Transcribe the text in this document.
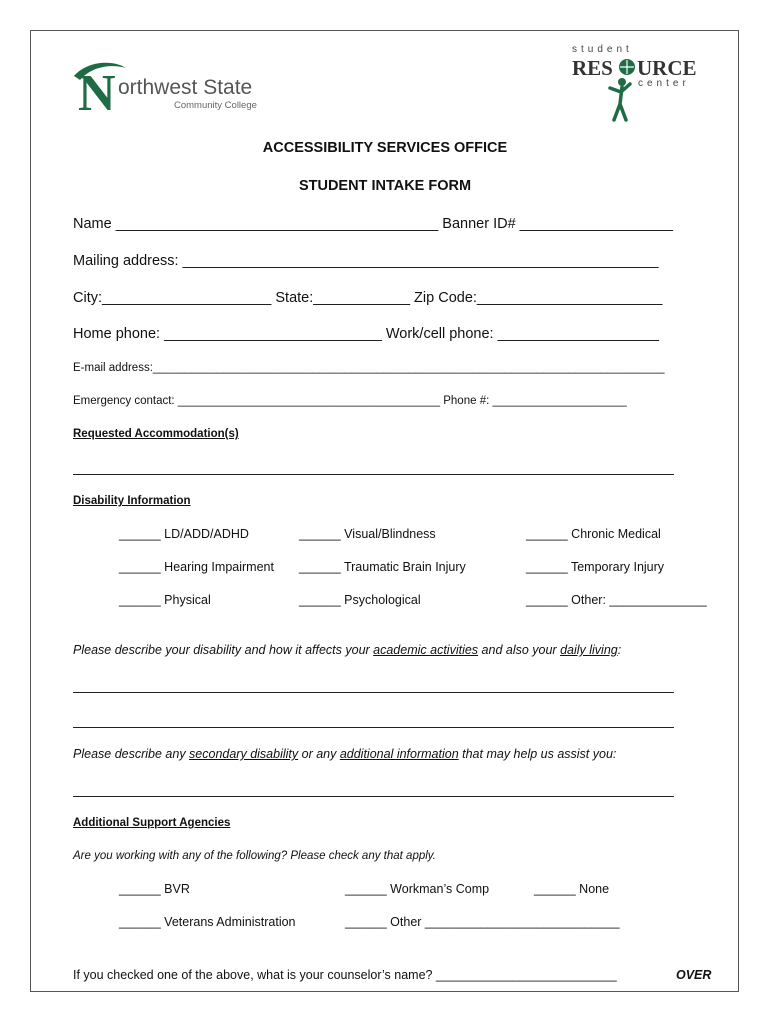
N orthwest State
Community College
student
RES URCE
center
ACCESSIBILITY SERVICES OFFICE
STUDENT INTAKE FORM
Name ________________________________________ Banner ID# ___________________
Mailing address: ___________________________________________________________
City:_____________________ State:____________ Zip Code:_______________________
Home phone: ___________________________ Work/cell phone: ____________________
E-mail address:________________________________________________________________________________
Emergency contact: _________________________________________ Phone #: _____________________
Requested Accommodation(s)
Disability Information
______ LD/ADD/ADHD	______ Visual/Blindness	______ Chronic Medical
______ Hearing Impairment ______ Traumatic Brain Injury	______ Temporary Injury
______ Physical	______ Psychological	______ Other: ______________
Please describe your disability and how it affects your academic activities and also your daily living:
Please describe any secondary disability or any additional information that may help us assist you:
Additional Support Agencies
Are you working with any of the following? Please check any that apply.
______ BVR	______ Workman’s Comp	______ None
______ Veterans Administration	______ Other ____________________________
If you checked one of the above, what is your counselor’s name? __________________________	OVER
